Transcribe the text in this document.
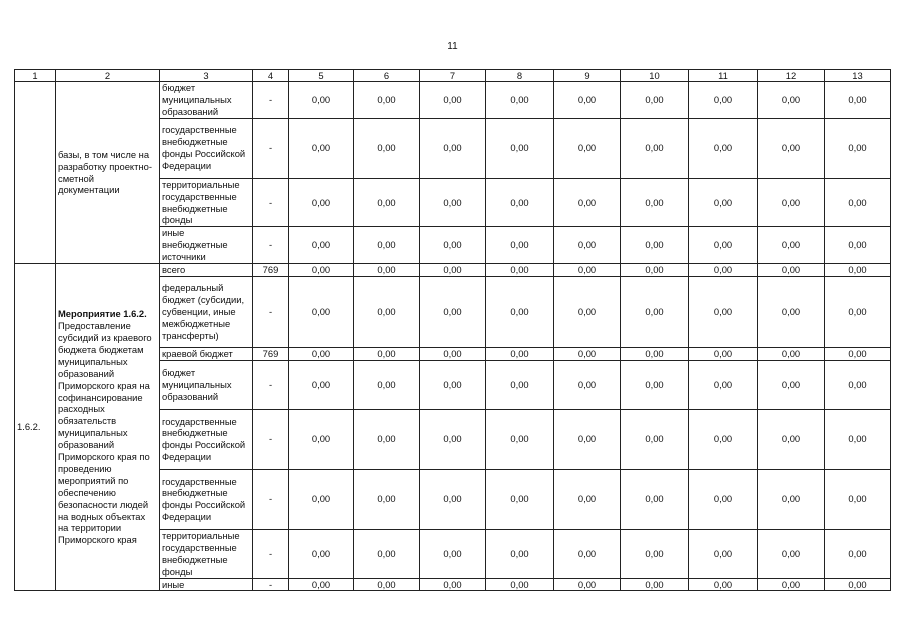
11
1	2	3	4	5	6	7	8	9	10	11	12	13

	базы, в том числе на разработку проектно-сметной документации	бюджет муниципальных образований	-	0,00	0,00	0,00	0,00	0,00	0,00	0,00	0,00	0,00
		государственные внебюджетные фонды Российской Федерации	-	0,00	0,00	0,00	0,00	0,00	0,00	0,00	0,00	0,00
		территориальные государственные внебюджетные фонды	-	0,00	0,00	0,00	0,00	0,00	0,00	0,00	0,00	0,00
		иные внебюджетные источники	-	0,00	0,00	0,00	0,00	0,00	0,00	0,00	0,00	0,00
1.6.2.	Мероприятие 1.6.2.
Предоставление субсидий из краевого бюджета бюджетам муниципальных образований Приморского края на софинансирование расходных обязательств муниципальных образований Приморского края по проведению мероприятий по обеспечению безопасности людей на водных объектах на территории Приморского края	всего	769	0,00	0,00	0,00	0,00	0,00	0,00	0,00	0,00	0,00
		федеральный бюджет (субсидии, субвенции, иные межбюджетные трансферты)	-	0,00	0,00	0,00	0,00	0,00	0,00	0,00	0,00	0,00
		краевой бюджет	769	0,00	0,00	0,00	0,00	0,00	0,00	0,00	0,00	0,00
		бюджет муниципальных образований	-	0,00	0,00	0,00	0,00	0,00	0,00	0,00	0,00	0,00
		государственные внебюджетные фонды Российской Федерации	-	0,00	0,00	0,00	0,00	0,00	0,00	0,00	0,00	0,00
		государственные внебюджетные фонды Российской Федерации	-	0,00	0,00	0,00	0,00	0,00	0,00	0,00	0,00	0,00
		территориальные государственные внебюджетные фонды	-	0,00	0,00	0,00	0,00	0,00	0,00	0,00	0,00	0,00
		иные	-	0,00	0,00	0,00	0,00	0,00	0,00	0,00	0,00	0,00
